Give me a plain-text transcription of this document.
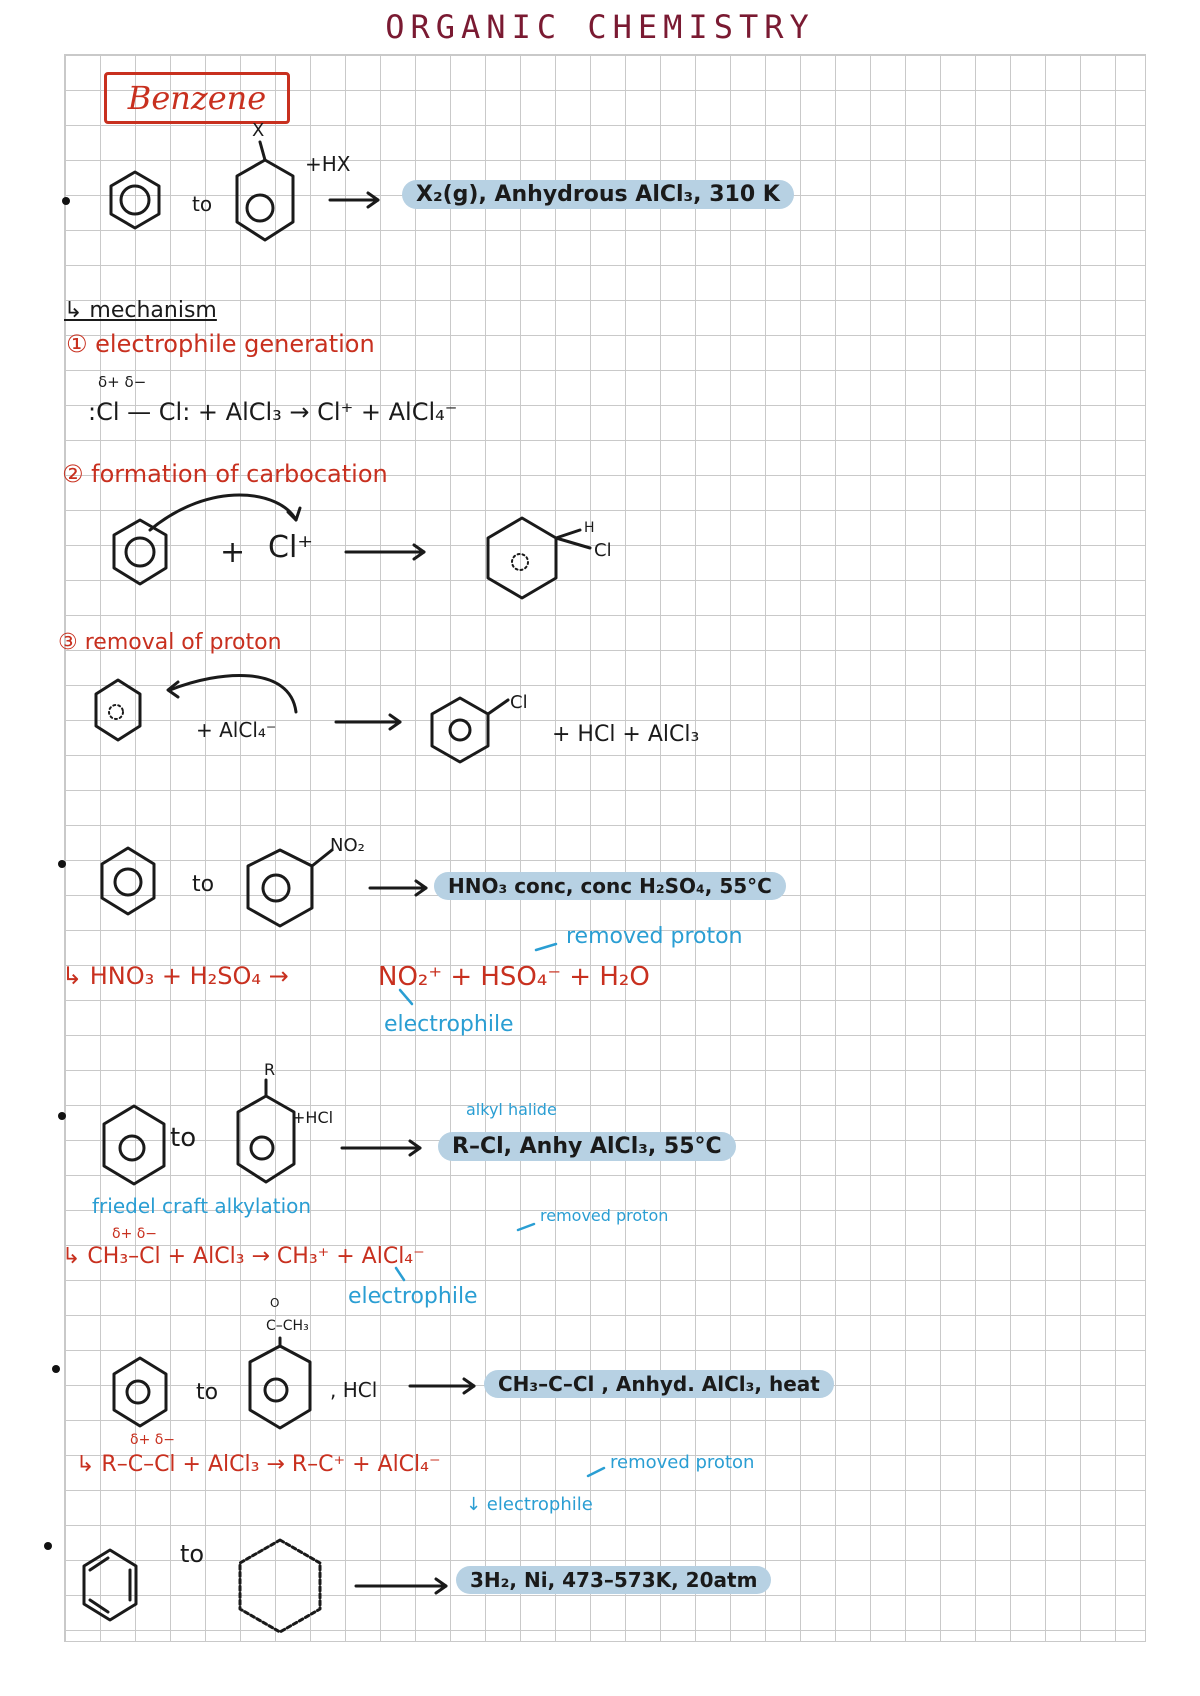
ORGANIC CHEMISTRY
Benzene
to
X
+HX
X₂(g), Anhydrous AlCl₃, 310 K
↳ mechanism
① electrophile generation
δ+ δ−
:Cl — Cl: + AlCl₃ → Cl⁺ + AlCl₄⁻
② formation of carbocation
+ Cl⁺
H
Cl
③ removal of proton
+ AlCl₄⁻
Cl
+ HCl + AlCl₃
to
NO₂
HNO₃ conc, conc H₂SO₄, 55°C
removed proton
↳ HNO₃ + H₂SO₄ →	NO₂⁺ + HSO₄⁻ + H₂O
electrophile
to
R
+HCl	alkyl halide
R–Cl, Anhy AlCl₃, 55°C
friedel craft alkylation	removed proton
δ+ δ−
↳ CH₃–Cl + AlCl₃ → CH₃⁺ + AlCl₄⁻
electrophile
to
O
C–CH₃
, HCl	CH₃–C–Cl , Anhyd. AlCl₃, heat
removed proton
δ+ δ−
↳ R–C–Cl + AlCl₃ → R–C⁺ + AlCl₄⁻
↓ electrophile
to
3H₂, Ni, 473–573K, 20atm
